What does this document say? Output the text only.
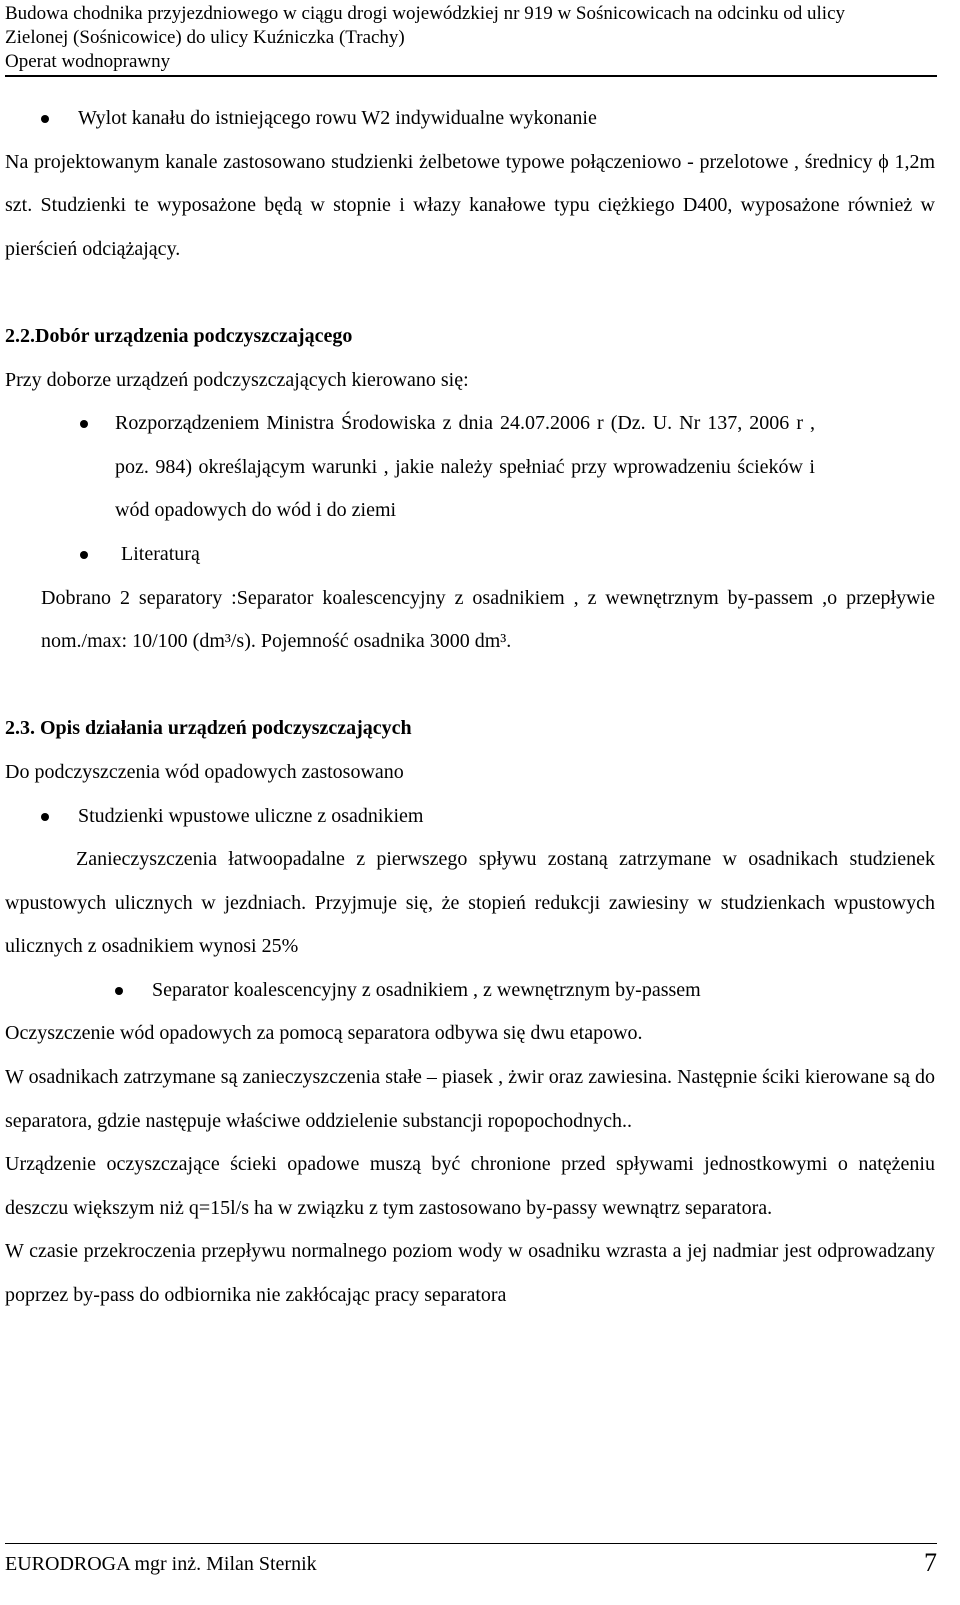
Budowa chodnika przyjezdniowego w ciągu drogi wojewódzkiej nr 919 w Sośnicowicach na odcinku od ulicy
Zielonej (Sośnicowice) do ulicy Kuźniczka (Trachy)
Operat wodnoprawny
Wylot kanału do istniejącego rowu W2 indywidualne wykonanie

Na projektowanym kanale zastosowano studzienki żelbetowe typowe połączeniowo - przelotowe , średnicy ϕ 1,2m szt. Studzienki te wyposażone będą w stopnie i włazy kanałowe typu ciężkiego D400, wyposażone również w pierścień odciążający.

2.2.Dobór urządzenia podczyszczającego

Przy doborze urządzeń podczyszczających kierowano się:

Rozporządzeniem Ministra Środowiska z dnia 24.07.2006 r (Dz. U. Nr 137, 2006 r , poz. 984) określającym warunki , jakie należy spełniać przy wprowadzeniu ścieków i wód opadowych do wód i do ziemi
Literaturą

Dobrano 2 separatory :Separator koalescencyjny z osadnikiem , z wewnętrznym by-passem ,o przepływie nom./max: 10/100 (dm³/s). Pojemność osadnika 3000 dm³.

2.3. Opis działania urządzeń podczyszczających

Do podczyszczenia wód opadowych zastosowano

Studzienki wpustowe uliczne z osadnikiem

Zanieczyszczenia łatwoopadalne z pierwszego spływu zostaną zatrzymane w osadnikach studzienek wpustowych ulicznych w jezdniach. Przyjmuje się, że stopień redukcji zawiesiny w studzienkach wpustowych ulicznych z osadnikiem wynosi 25%

Separator koalescencyjny z osadnikiem , z wewnętrznym by-passem

Oczyszczenie wód opadowych za pomocą separatora odbywa się dwu etapowo.

W osadnikach zatrzymane są zanieczyszczenia stałe – piasek , żwir oraz zawiesina. Następnie ściki kierowane są do separatora, gdzie następuje właściwe oddzielenie substancji ropopochodnych..

Urządzenie oczyszczające ścieki opadowe muszą być chronione przed spływami jednostkowymi o natężeniu deszczu większym niż q=15l/s ha w związku z tym zastosowano by-passy wewnątrz separatora.

W czasie przekroczenia przepływu normalnego poziom wody w osadniku wzrasta a jej nadmiar jest odprowadzany poprzez by-pass do odbiornika nie zakłócając pracy separatora

EURODROGA mgr inż. Milan Sternik	7
